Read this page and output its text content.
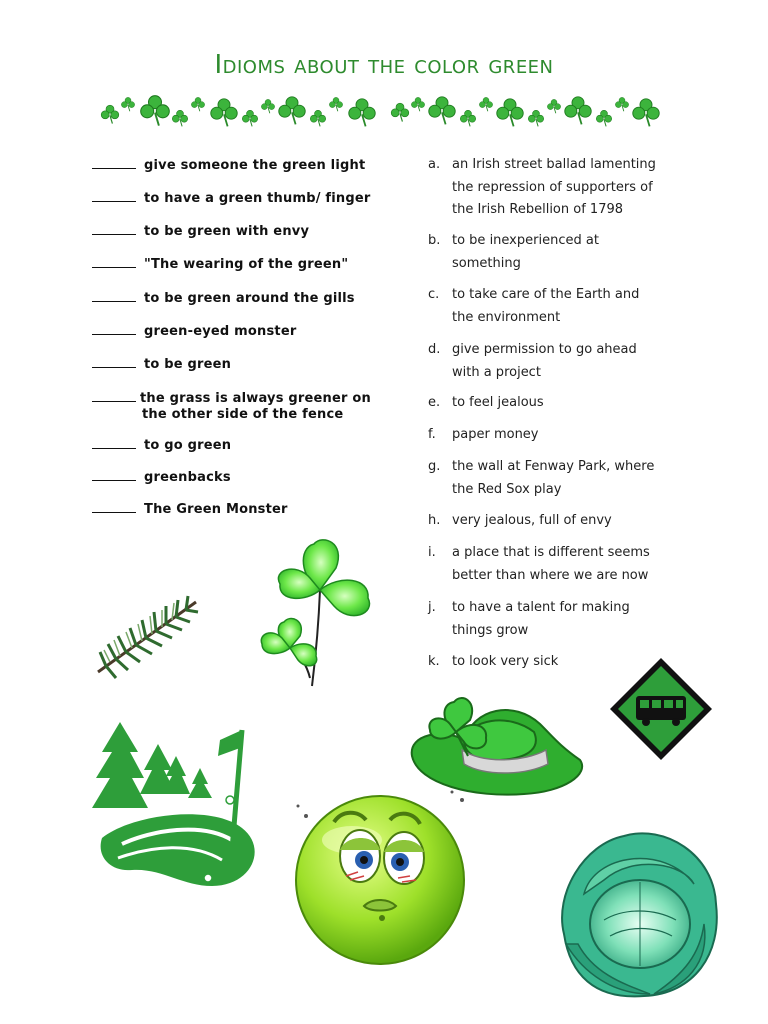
Idioms about the color green
give someone the green light
to have a green thumb/ finger
to be green with envy
"The wearing of the green"
to be green around the gills
green-eyed monster
to be green
the grass is always greener on
the other side of the fence
to go green
greenbacks
The Green Monster
a. an Irish street ballad lamenting
the repression of supporters of
the Irish Rebellion of 1798
b. to be inexperienced at
something
c. to take care of the Earth and
the environment
d. give permission to go ahead
with a project
e. to feel jealous
f. paper money
g. the wall at Fenway Park, where
the Red Sox play
h. very jealous, full of envy
i. a place that is different seems
better than where we are now
j. to have a talent for making
things grow
k. to look very sick
